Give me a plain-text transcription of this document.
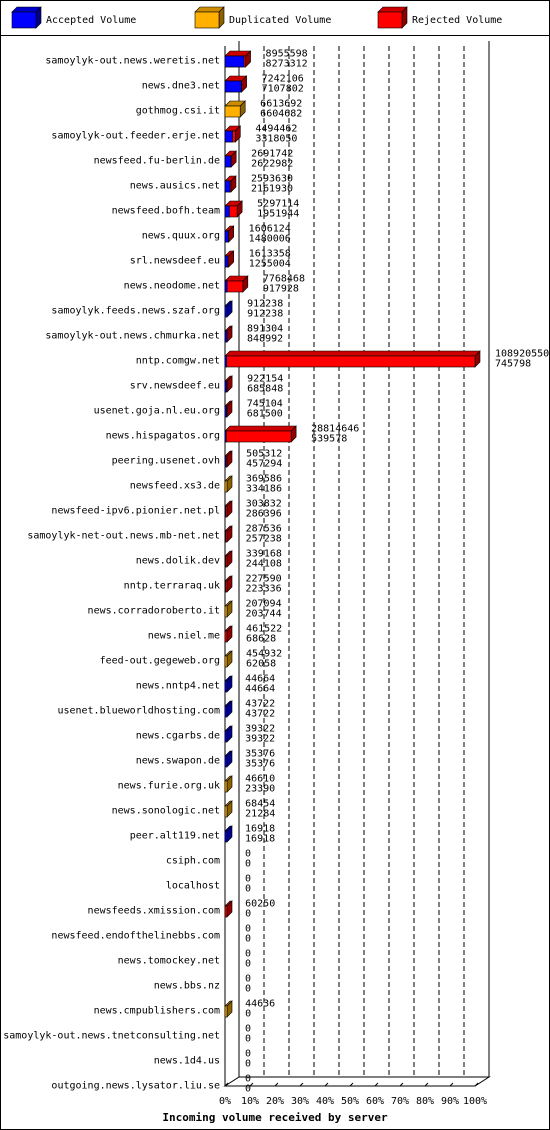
Accepted Volume	Duplicated Volume	Rejected Volume
0% 10% 20% 30% 40% 50% 60% 70% 80% 90% 100%
samoylyk-out.news.weretis.net
8955598
8273312
news.dne3.net
7242106
7107802
gothmog.csi.it
6613692
6604682
samoylyk-out.feeder.erje.net
4494462
3318050
newsfeed.fu-berlin.de
2691742
2622982
news.ausics.net
2593630
2161930
newsfeed.bofh.team
5297114
1951944
news.quux.org
1606124
1480006
srl.newsdeef.eu
1613358
1255004
news.neodome.net
7768468
917928
samoylyk.feeds.news.szaf.org
912238
912238
samoylyk-out.news.chmurka.net
891304
848992
nntp.comgw.net
108920550
745798
srv.newsdeef.eu
922154
685848
usenet.goja.nl.eu.org
745104
681500
news.hispagatos.org
28814646
539578
peering.usenet.ovh
505312
457294
newsfeed.xs3.de
369586
334186
newsfeed-ipv6.pionier.net.pl
303832
286396
samoylyk-net-out.news.mb-net.net
287536
257238
news.dolik.dev
339168
244108
nntp.terraraq.uk
227590
223336
news.corradoroberto.it
207094
203744
news.niel.me
461522
68628
feed-out.gegeweb.org
454932
62058
news.nntp4.net
44664
44664
usenet.blueworldhosting.com
43722
43722
news.cgarbs.de
39322
39322
news.swapon.de
35376
35376
news.furie.org.uk
46610
23390
news.sonologic.net
68454
21284
peer.alt119.net
16918
16918
csiph.com
0
0
localhost
0
0
newsfeeds.xmission.com
60250
0
newsfeed.endofthelinebbs.com
0
0
news.tomockey.net
0
0
news.bbs.nz
0
0
news.cmpublishers.com
44636
0
samoylyk-out.news.tnetconsulting.net
0
0
news.1d4.us
0
0
outgoing.news.lysator.liu.se
0
0
Incoming volume received by server
